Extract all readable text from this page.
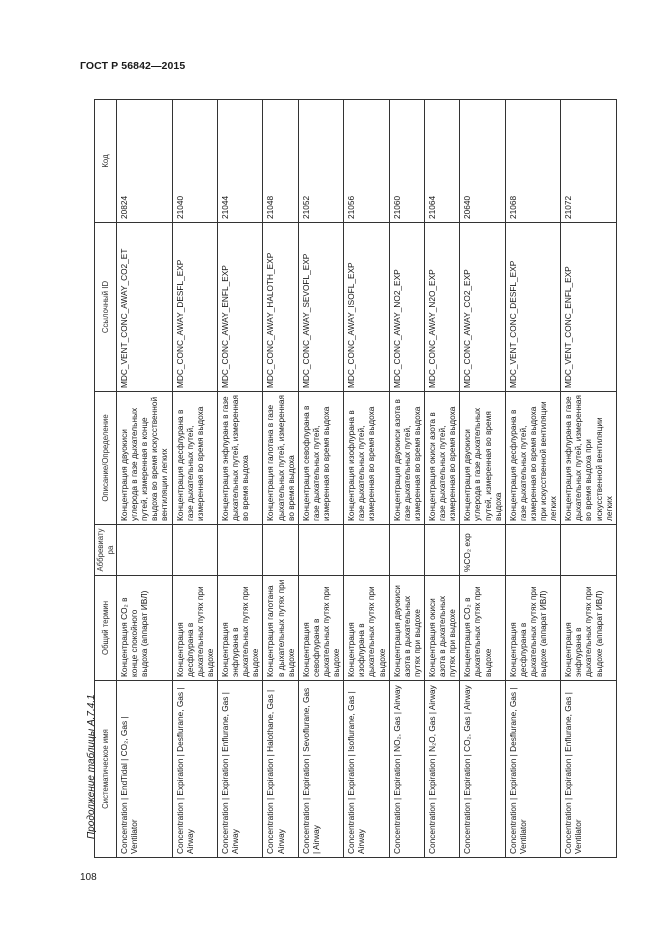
ГОСТ Р 56842—2015
Продолжение таблицы А.7.4.1 Систематическое имя	Общий термин	Аббревиатура	Описание/Определение	Ссылочный ID	Код
Concentration | EndTidal | CO₂, Gas | Ventilator	Концентрация CO₂ в конце спокойного выдоха (аппарат ИВЛ)		Концентрация двуокиси углерода в газе дыхательных путей, измеренная в конце выдоха во время искусственной вентиляции легких	MDC_VENT_CONC_AWAY_CO2_ET	20824
Concentration | Expiration | Desflurane, Gas | Airway	Концентрация десфлурана в дыхательных путях при выдохе		Концентрация десфлурана в газе дыхательных путей, измеренная во время выдоха	MDC_CONC_AWAY_DESFL_EXP	21040
Concentration | Expiration | Enflurane, Gas | Airway	Концентрация энфлурана в дыхательных путях при выдохе		Концентрация энфлурана в газе дыхательных путей, измеренная во время выдоха	MDC_CONC_AWAY_ENFL_EXP	21044
Concentration | Expiration | Halothane, Gas | Airway	Концентрация галотана в дыхательных путях при выдохе		Концентрация галотана в газе дыхательных путей, измеренная во время выдоха	MDC_CONC_AWAY_HALOTH_EXP	21048
Concentration | Expiration | Sevoflurane, Gas | Airway	Концентрация севофлурана в дыхательных путях при выдохе		Концентрация севофлурана в газе дыхательных путей, измеренная во время выдоха	MDC_CONC_AWAY_SEVOFL_EXP	21052
Concentration | Expiration | Isoflurane, Gas | Airway	Концентрация изофлурана в дыхательных путях при выдохе		Концентрация изофлурана в газе дыхательных путей, измеренная во время выдоха	MDC_CONC_AWAY_ISOFL_EXP	21056
Concentration | Expiration | NO₂, Gas | Airway	Концентрация двуокиси азота в дыхательных путях при выдохе		Концентрация двуокиси азота в газе дыхательных путей, измеренная во время выдоха	MDC_CONC_AWAY_NO2_EXP	21060
Concentration | Expiration | N₂O, Gas | Airway	Концентрация окиси азота в дыхательных путях при выдохе		Концентрация окиси азота в газе дыхательных путей, измеренная во время выдоха	MDC_CONC_AWAY_N2O_EXP	21064
Concentration | Expiration | CO₂, Gas | Airway	Концентрация CO₂ в дыхательных путях при выдохе	%CO₂ exp	Концентрация двуокиси углерода в газе дыхательных путей, измеренная во время выдоха	MDC_CONC_AWAY_CO2_EXP	20640
Concentration | Expiration | Desflurane, Gas | Ventilator	Концентрация десфлурана в дыхательных путях при выдохе (аппарат ИВЛ)		Концентрация десфлурана в газе дыхательных путей, измеренная во время выдоха при искусственной вентиляции легких	MDC_VENT_CONC_DESFL_EXP	21068
Concentration | Expiration | Enflurane, Gas | Ventilator	Концентрация энфлурана в дыхательных путях при выдохе (аппарат ИВЛ)		Концентрация энфлурана в газе дыхательных путей, измеренная во время выдоха при искусственной вентиляции легких	MDC_VENT_CONC_ENFL_EXP	21072
108
